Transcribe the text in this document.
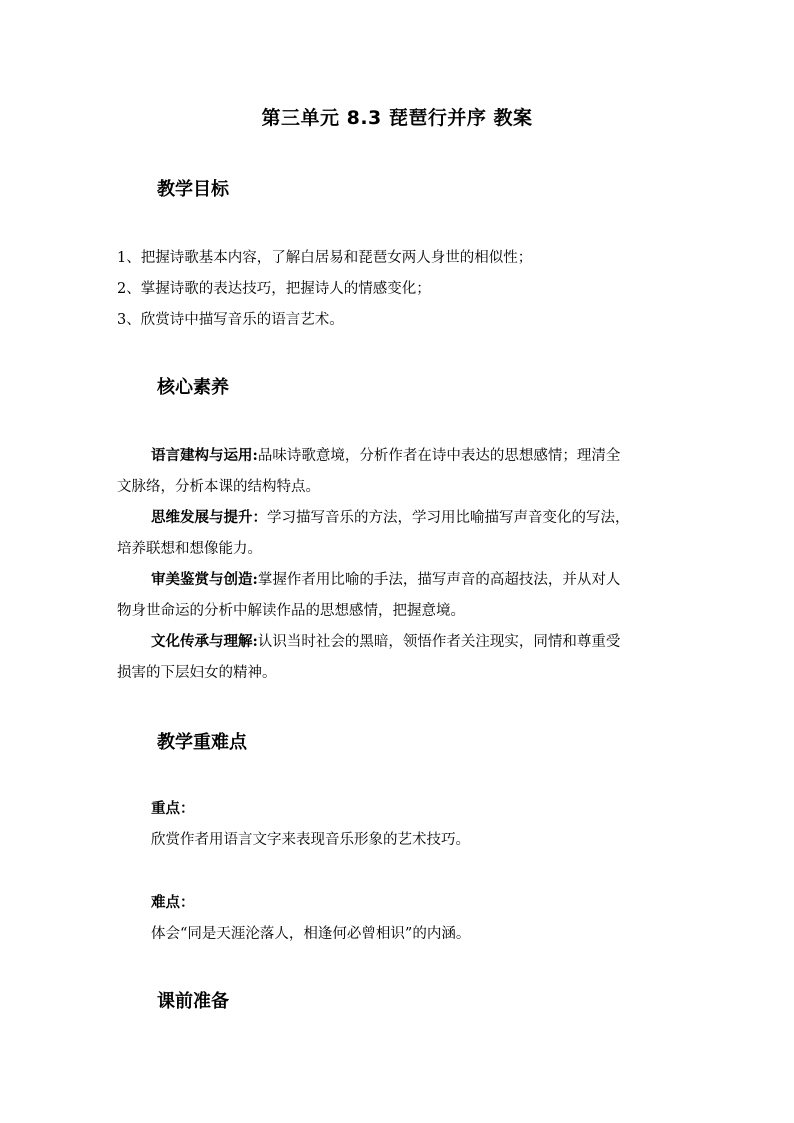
第三单元 8.3 琵琶行并序 教案
教学目标
1、把握诗歌基本内容，了解白居易和琵琶女两人身世的相似性；
2、掌握诗歌的表达技巧，把握诗人的情感变化；
3、欣赏诗中描写音乐的语言艺术。
核心素养
语言建构与运用:品味诗歌意境，分析作者在诗中表达的思想感情；理清全
文脉络，分析本课的结构特点。
思维发展与提升：学习描写音乐的方法，学习用比喻描写声音变化的写法，
培养联想和想像能力。
审美鉴赏与创造:掌握作者用比喻的手法，描写声音的高超技法，并从对人
物身世命运的分析中解读作品的思想感情，把握意境。
文化传承与理解:认识当时社会的黑暗，领悟作者关注现实，同情和尊重受
损害的下层妇女的精神。
教学重难点
重点：
欣赏作者用语言文字来表现音乐形象的艺术技巧。
难点：
体会“同是天涯沦落人，相逢何必曾相识”的内涵。
课前准备
